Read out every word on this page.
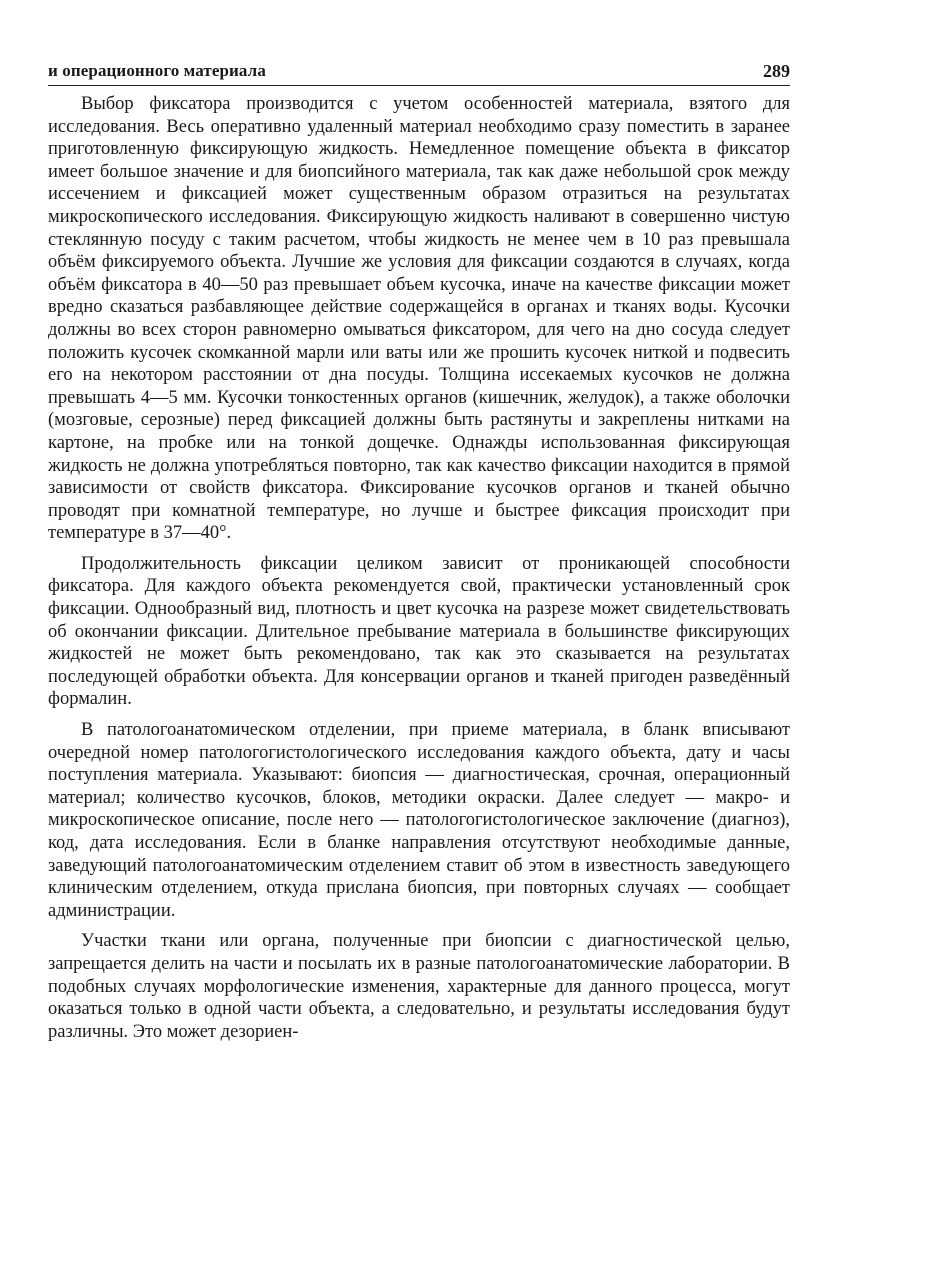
и операционного материала	289

Выбор фиксатора производится с учетом особенностей материала, взятого для исследования. Весь оперативно удаленный материал необходимо сразу поместить в заранее приготовленную фиксирующую жидкость. Немедленное помещение объекта в фиксатор имеет большое значение и для биопсийного материала, так как даже небольшой срок между иссечением и фиксацией может существенным образом отразиться на результатах микроскопического исследования. Фиксирующую жидкость наливают в совершенно чистую стеклянную посуду с таким расчетом, чтобы жидкость не менее чем в 10 раз превышала объём фиксируемого объекта. Лучшие же условия для фиксации создаются в случаях, когда объём фиксатора в 40—50 раз превышает объем кусочка, иначе на качестве фиксации может вредно сказаться разбавляющее действие содержащейся в органах и тканях воды. Кусочки должны во всех сторон равномерно омываться фиксатором, для чего на дно сосуда следует положить кусочек скомканной марли или ваты или же прошить кусочек ниткой и подвесить его на некотором расстоянии от дна посуды. Толщина иссекаемых кусочков не должна превышать 4—5 мм. Кусочки тонкостенных органов (кишечник, желудок), а также оболочки (мозговые, серозные) перед фиксацией должны быть растянуты и закреплены нитками на картоне, на пробке или на тонкой дощечке. Однажды использованная фиксирующая жидкость не должна употребляться повторно, так как качество фиксации находится в прямой зависимости от свойств фиксатора. Фиксирование кусочков органов и тканей обычно проводят при комнатной температуре, но лучше и быстрее фиксация происходит при температуре в 37—40°.

Продолжительность фиксации целиком зависит от проникающей способности фиксатора. Для каждого объекта рекомендуется свой, практически установленный срок фиксации. Однообразный вид, плотность и цвет кусочка на разрезе может свидетельствовать об окончании фиксации. Длительное пребывание материала в большинстве фиксирующих жидкостей не может быть рекомендовано, так как это сказывается на результатах последующей обработки объекта. Для консервации органов и тканей пригоден разведённый формалин.

В патологоанатомическом отделении, при приеме материала, в бланк вписывают очередной номер патологогистологического исследования каждого объекта, дату и часы поступления материала. Указывают: биопсия — диагностическая, срочная, операционный материал; количество кусочков, блоков, методики окраски. Далее следует — макро- и микроскопическое описание, после него — патологогистологическое заключение (диагноз), код, дата исследования. Если в бланке направления отсутствуют необходимые данные, заведующий патологоанатомическим отделением ставит об этом в известность заведующего клиническим отделением, откуда прислана биопсия, при повторных случаях — сообщает администрации.

Участки ткани или органа, полученные при биопсии с диагностической целью, запрещается делить на части и посылать их в разные патологоанатомические лаборатории. В подобных случаях морфологические изменения, характерные для данного процесса, могут оказаться только в одной части объекта, а следовательно, и результаты исследования будут различны. Это может дезориен-
